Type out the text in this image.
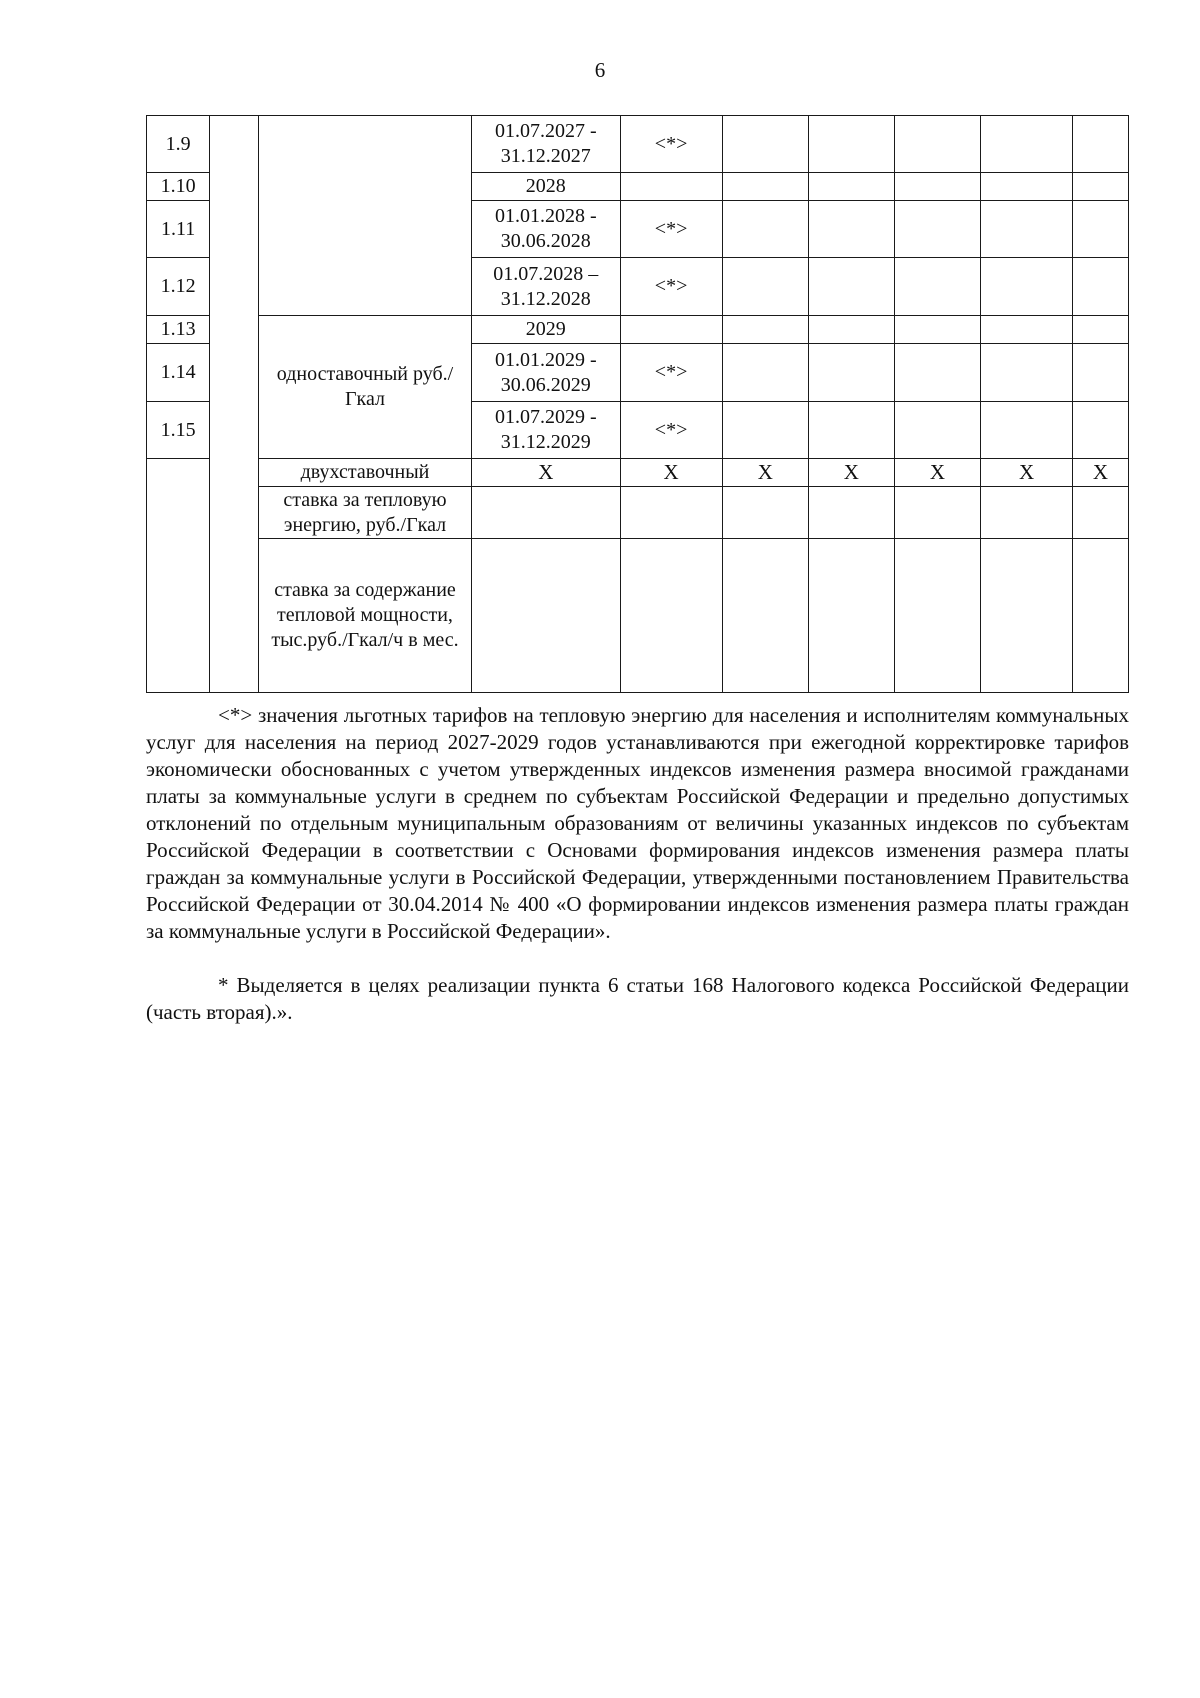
6
1.9			01.07.2027 - 31.12.2027	<*>					
1.10			2028						
1.11			01.01.2028 - 30.06.2028	<*>					
1.12			01.07.2028 – 31.12.2028	<*>					
1.13		одноставочный руб./Гкал	2029						
1.14			01.01.2029 - 30.06.2029	<*>					
1.15			01.07.2029 - 31.12.2029	<*>					
		двухставочный	X	X	X	X	X	X	X
		ставка за тепловую энергию, руб./Гкал							
		ставка за содержание тепловой мощности, тыс.руб./Гкал/ч в мес.							

<*> значения льготных тарифов на тепловую энергию для населения и исполнителям коммунальных услуг для населения на период 2027-2029 годов устанавливаются при ежегодной корректировке тарифов экономически обоснованных с учетом утвержденных индексов изменения размера вносимой гражданами платы за коммунальные услуги в среднем по субъектам Российской Федерации и предельно допустимых отклонений по отдельным муниципальным образованиям от величины указанных индексов по субъектам Российской Федерации в соответствии с Основами формирования индексов изменения размера платы граждан за коммунальные услуги в Российской Федерации, утвержденными постановлением Правительства Российской Федерации от 30.04.2014 № 400 «О формировании индексов изменения размера платы граждан за коммунальные услуги в Российской Федерации».

* Выделяется в целях реализации пункта 6 статьи 168 Налогового кодекса Российской Федерации (часть вторая).».
